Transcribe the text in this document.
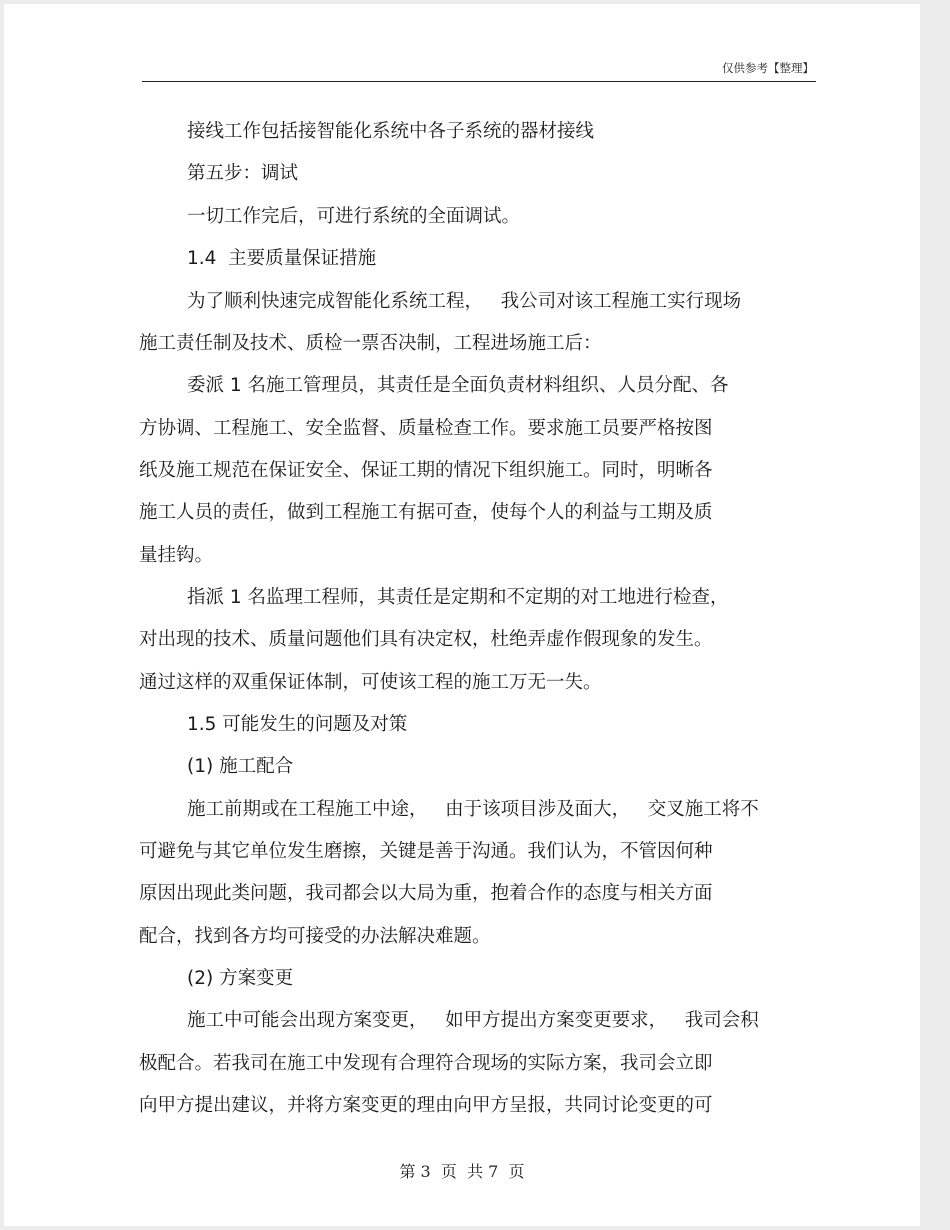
仅供参考【整理】
接线工作包括接智能化系统中各子系统的器材接线
第五步：调试
一切工作完后，可进行系统的全面调试。
1.4  主要质量保证措施
为了顺利快速完成智能化系统工程，   我公司对该工程施工实行现场
施工责任制及技术、质检一票否决制，工程进场施工后：
委派 1 名施工管理员，其责任是全面负责材料组织、人员分配、各
方协调、工程施工、安全监督、质量检查工作。要求施工员要严格按图
纸及施工规范在保证安全、保证工期的情况下组织施工。同时，明晰各
施工人员的责任，做到工程施工有据可查，使每个人的利益与工期及质
量挂钩。
指派 1 名监理工程师，其责任是定期和不定期的对工地进行检查，
对出现的技术、质量问题他们具有决定权，杜绝弄虚作假现象的发生。
通过这样的双重保证体制，可使该工程的施工万无一失。
1.5 可能发生的问题及对策
(1) 施工配合
施工前期或在工程施工中途，   由于该项目涉及面大，   交叉施工将不
可避免与其它单位发生磨擦，关键是善于沟通。我们认为，不管因何种
原因出现此类问题，我司都会以大局为重，抱着合作的态度与相关方面
配合，找到各方均可接受的办法解决难题。
(2) 方案变更
施工中可能会出现方案变更，   如甲方提出方案变更要求，   我司会积
极配合。若我司在施工中发现有合理符合现场的实际方案，我司会立即
向甲方提出建议，并将方案变更的理由向甲方呈报，共同讨论变更的可
第 3  页  共 7  页
